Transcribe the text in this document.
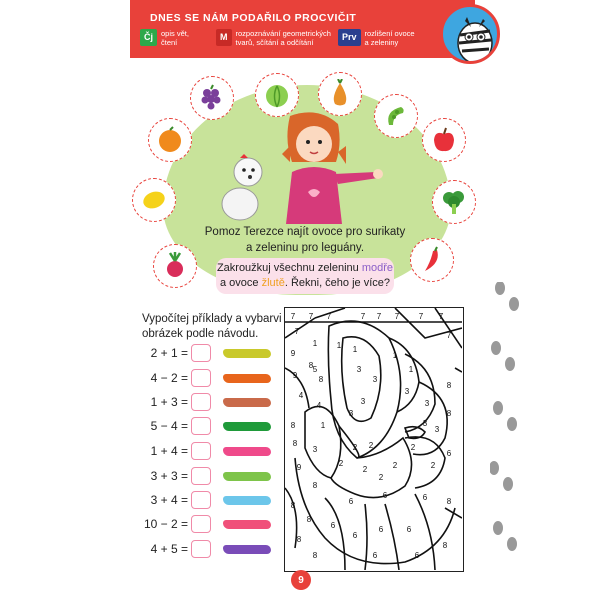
DNES SE NÁM PODAŘILO PROCVIČIT
Čj	opis vět,
čtení
M	rozpoznávání geometrických
tvarů, sčítání a odčítání
Prv	rozlišení ovoce
a zeleniny
Pomoz Terezce najít ovoce pro surikaty
a zeleninu pro leguány.
Zakroužkuj všechnu zeleninu modře
a ovoce žlutě. Řekni, čeho je více?
Vypočítej příklady a vybarvi
obrázek podle návodu.
2 + 1 =
4 − 2 =
1 + 3 =
5 − 4 =
1 + 4 =
3 + 3 =
3 + 4 =
10 − 2 =
4 + 5 =
7 7 7	7 7 7 7 7
7	7
1
9
9
8
8
4
8
5
1 1
1
1
1
3
3
3
3
3
8
3
3
8
4
3
8
3	2
9	2
2
2	2
6
2
2
2
8
8	6
6	6
6
8
8
6
6
8
6
6	6
8
8
9
